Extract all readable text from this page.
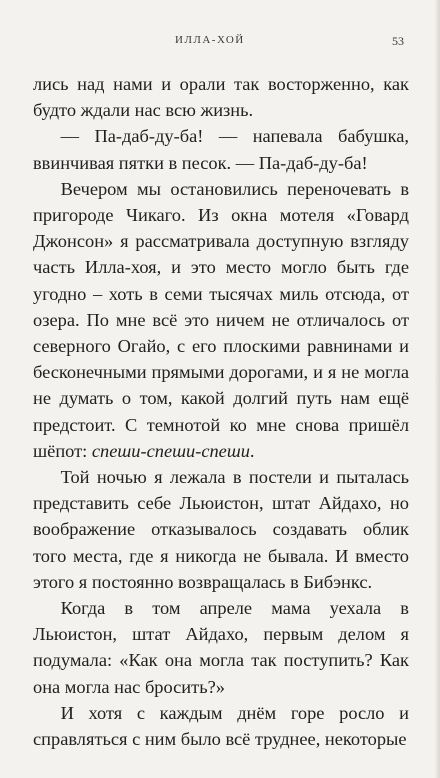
ИЛЛА-ХОЙ	53

лись над нами и орали так восторженно, как будто ждали нас всю жизнь.

— Па-даб-ду-ба! — напевала бабушка, ввинчивая пятки в песок. — Па-даб-ду-ба!

Вечером мы остановились переночевать в пригороде Чикаго. Из окна мотеля «Говард Джонсон» я рассматривала доступную взгляду часть Илла-хоя, и это место могло быть где угодно – хоть в семи тысячах миль отсюда, от озера. По мне всё это ничем не отличалось от северного Огайо, с его плоскими равнинами и бесконечными прямыми дорогами, и я не могла не думать о том, какой долгий путь нам ещё предстоит. С темнотой ко мне снова пришёл шёпот: спеши-спеши-спеши.

Той ночью я лежала в постели и пыталась представить себе Льюистон, штат Айдахо, но воображение отказывалось создавать облик того места, где я никогда не бывала. И вместо этого я постоянно возвращалась в Бибэнкс.

Когда в том апреле мама уехала в Льюистон, штат Айдахо, первым делом я подумала: «Как она могла так поступить? Как она могла нас бросить?»

И хотя с каждым днём горе росло и справляться с ним было всё труднее, некоторые
